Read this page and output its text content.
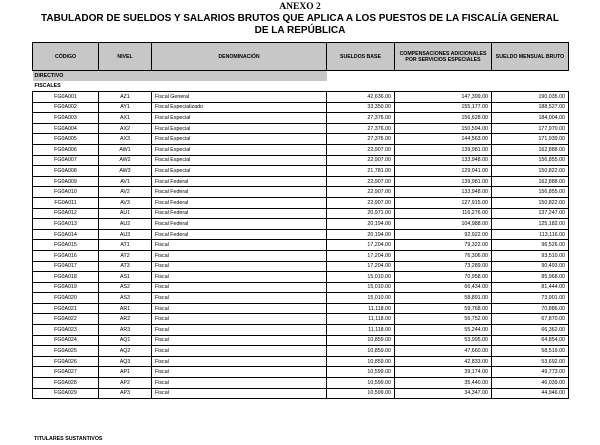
ANEXO 2
TABULADOR DE SUELDOS Y SALARIOS BRUTOS QUE APLICA A LOS PUESTOS DE LA FISCALÍA GENERAL DE LA REPÚBLICA
CÓDIGO	NIVEL	DENOMINACIÓN	SUELDOS BASE	COMPENSACIONES ADICIONALES POR SERVICIOS ESPECIALES	SUELDO MENSUAL BRUTO
DIRECTIVO					
FISCALES					
FG0A001	AZ1	Fiscal General	42,636.00	147,399.00	190,035.00
FG0A002	AY1	Fiscal Especializado	33,350.00	155,177.00	188,527.00
FG0A003	AX1	Fiscal Especial	27,376.00	156,628.00	184,004.00
FG0A004	AX2	Fiscal Especial	27,376.00	150,594.00	177,970.00
FG0A005	AX3	Fiscal Especial	27,376.00	144,563.00	171,939.00
FG0A006	AW1	Fiscal Especial	22,907.00	139,981.00	162,888.00
FG0A007	AW2	Fiscal Especial	22,907.00	133,948.00	156,855.00
FG0A008	AW3	Fiscal Especial	21,781.00	129,041.00	150,822.00
FG0A009	AV1	Fiscal Federal	22,907.00	139,981.00	162,888.00
FG0A010	AV2	Fiscal Federal	22,907.00	133,948.00	156,855.00
FG0A011	AV3	Fiscal Federal	22,907.00	127,915.00	150,822.00
FG0A012	AU1	Fiscal Federal	20,971.00	116,276.00	137,247.00
FG0A013	AU2	Fiscal Federal	20,194.00	104,988.00	125,182.00
FG0A014	AU3	Fiscal Federal	20,194.00	92,922.00	113,116.00
FG0A015	AT1	Fiscal	17,204.00	79,322.00	96,526.00
FG0A016	AT2	Fiscal	17,204.00	76,306.00	93,510.00
FG0A017	AT3	Fiscal	17,204.00	73,289.00	90,493.00
FG0A018	AS1	Fiscal	15,010.00	70,958.00	85,968.00
FG0A019	AS2	Fiscal	15,010.00	66,434.00	81,444.00
FG0A020	AS3	Fiscal	15,010.00	58,891.00	73,901.00
FG0A021	AR1	Fiscal	11,118.00	59,768.00	70,886.00
FG0A022	AR2	Fiscal	11,118.00	56,752.00	67,870.00
FG0A023	AR3	Fiscal	11,118.00	55,244.00	66,362.00
FG0A024	AQ1	Fiscal	10,859.00	53,995.00	64,854.00
FG0A025	AQ2	Fiscal	10,859.00	47,660.00	58,519.00
FG0A026	AQ3	Fiscal	10,859.00	42,833.00	53,692.00
FG0A027	AP1	Fiscal	10,599.00	39,174.00	49,773.00
FG0A028	AP2	Fiscal	10,599.00	35,440.00	46,039.00
FG0A029	AP3	Fiscal	10,599.00	34,347.00	44,946.00
TITULARES SUSTANTIVOS
